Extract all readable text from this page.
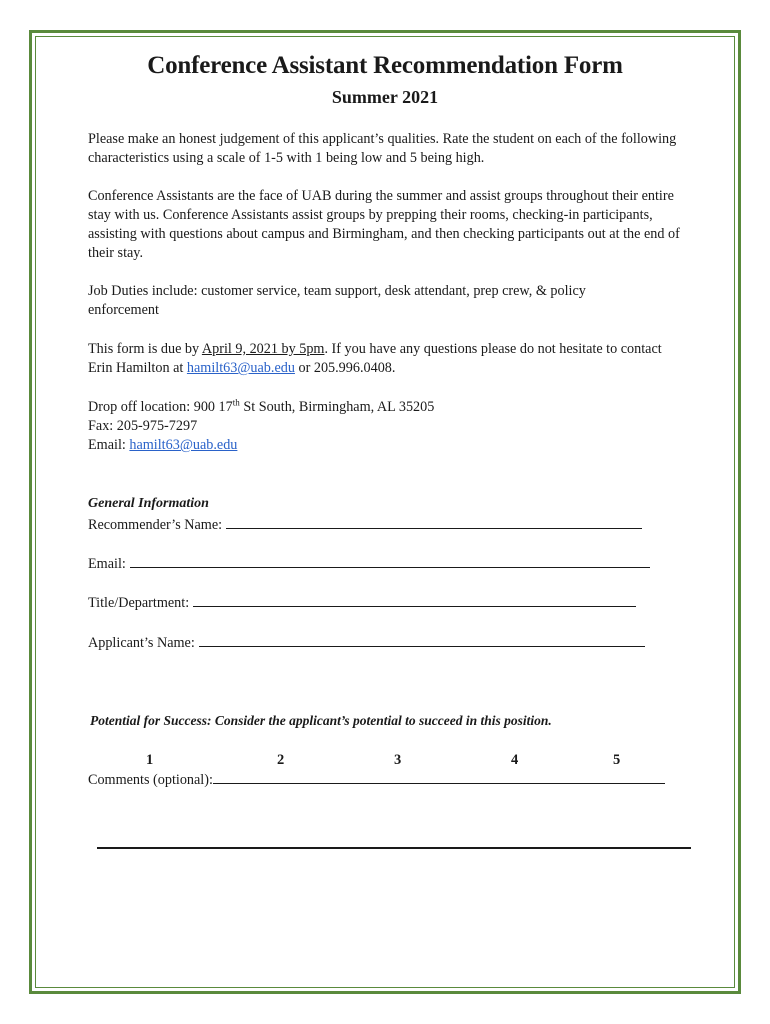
Conference Assistant Recommendation Form
Summer 2021

Please make an honest judgement of this applicant’s qualities. Rate the student on each of the following characteristics using a scale of 1-5 with 1 being low and 5 being high.

Conference Assistants are the face of UAB during the summer and assist groups throughout their entire stay with us. Conference Assistants assist groups by prepping their rooms, checking-in participants, assisting with questions about campus and Birmingham, and then checking participants out at the end of their stay.

Job Duties include: customer service, team support, desk attendant, prep crew, & policy enforcement

This form is due by April 9, 2021 by 5pm. If you have any questions please do not hesitate to contact Erin Hamilton at hamilt63@uab.edu or 205.996.0408.

Drop off location: 900 17th St South, Birmingham, AL 35205

Fax: 205-975-7297

Email: hamilt63@uab.edu

General Information
Recommender’s Name:
Email:
Title/Department:
Applicant’s Name:
Potential for Success: Consider the applicant’s potential to succeed in this position.
1	2	3	4	5
Comments (optional):
